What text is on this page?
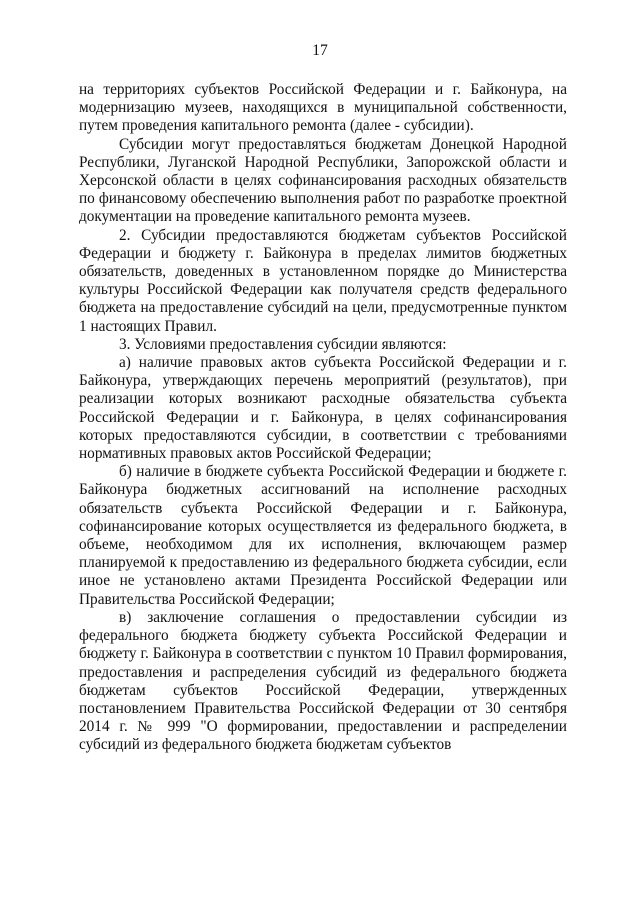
17

на территориях субъектов Российской Федерации и г. Байконура, на модернизацию музеев, находящихся в муниципальной собственности, путем проведения капитального ремонта (далее - субсидии).

Субсидии могут предоставляться бюджетам Донецкой Народной Республики, Луганской Народной Республики, Запорожской области и Херсонской области в целях софинансирования расходных обязательств по финансовому обеспечению выполнения работ по разработке проектной документации на проведение капитального ремонта музеев.

2. Субсидии предоставляются бюджетам субъектов Российской Федерации и бюджету г. Байконура в пределах лимитов бюджетных обязательств, доведенных в установленном порядке до Министерства культуры Российской Федерации как получателя средств федерального бюджета на предоставление субсидий на цели, предусмотренные пунктом 1 настоящих Правил.

3. Условиями предоставления субсидии являются:

а) наличие правовых актов субъекта Российской Федерации и г. Байконура, утверждающих перечень мероприятий (результатов), при реализации которых возникают расходные обязательства субъекта Российской Федерации и г. Байконура, в целях софинансирования которых предоставляются субсидии, в соответствии с требованиями нормативных правовых актов Российской Федерации;

б) наличие в бюджете субъекта Российской Федерации и бюджете г. Байконура бюджетных ассигнований на исполнение расходных обязательств субъекта Российской Федерации и г. Байконура, софинансирование которых осуществляется из федерального бюджета, в объеме, необходимом для их исполнения, включающем размер планируемой к предоставлению из федерального бюджета субсидии, если иное не установлено актами Президента Российской Федерации или Правительства Российской Федерации;

в) заключение соглашения о предоставлении субсидии из федерального бюджета бюджету субъекта Российской Федерации и бюджету г. Байконура в соответствии с пунктом 10 Правил формирования, предоставления и распределения субсидий из федерального бюджета бюджетам субъектов Российской Федерации, утвержденных постановлением Правительства Российской Федерации от 30 сентября 2014 г. № 999 "О формировании, предоставлении и распределении субсидий из федерального бюджета бюджетам субъектов
